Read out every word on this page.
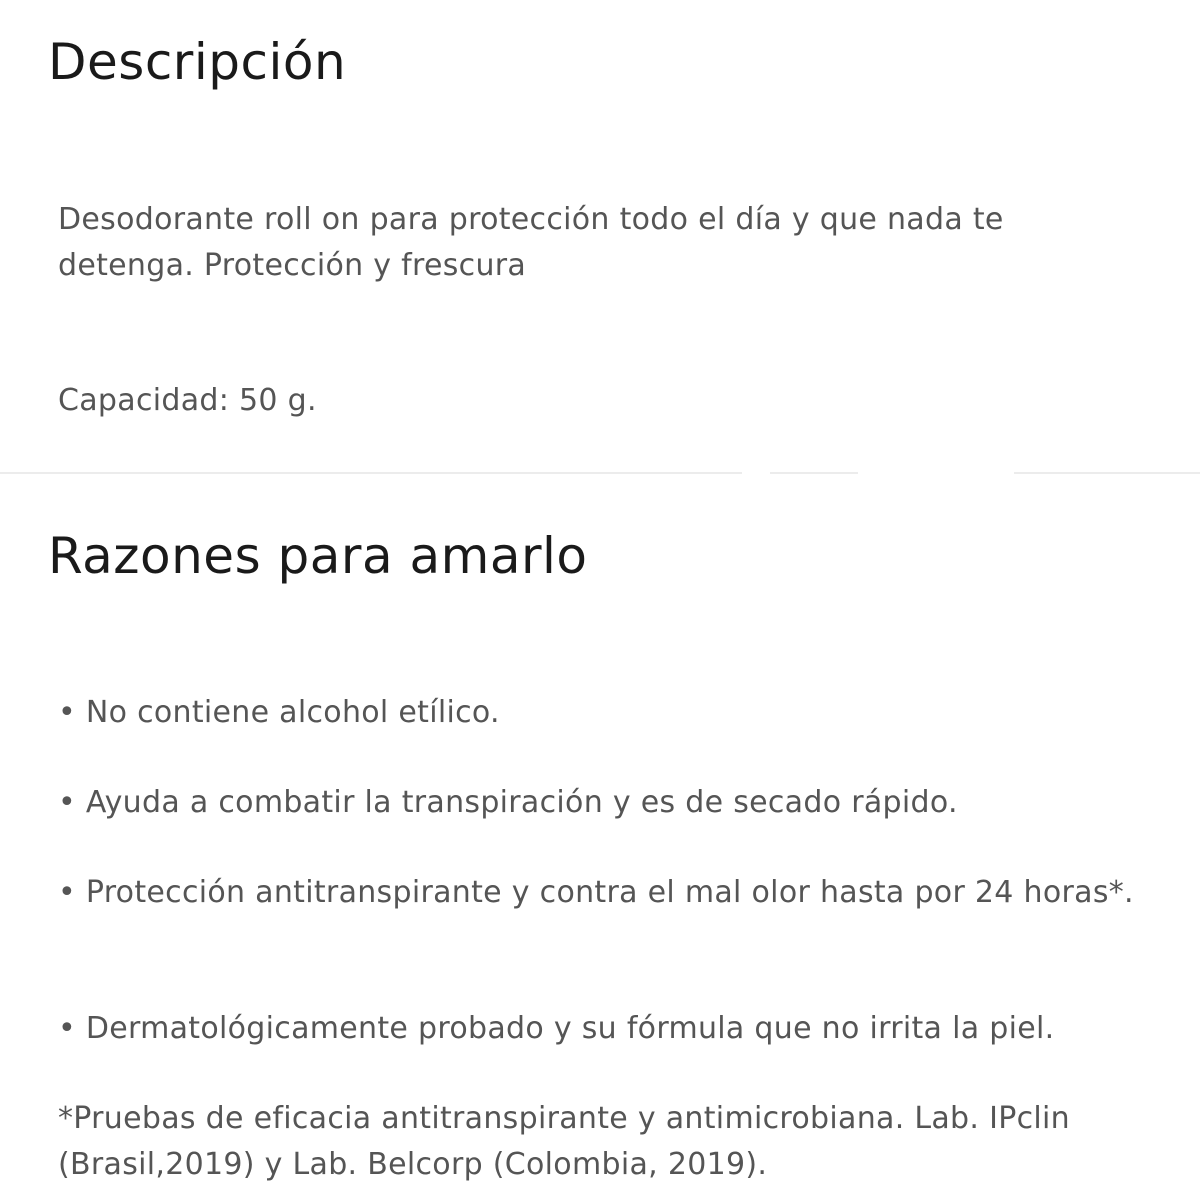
Descripción

Desodorante roll on para protección todo el día y que nada te detenga. Protección y frescura

Capacidad: 50 g.

Razones para amarlo

• No contiene alcohol etílico.

• Ayuda a combatir la transpiración y es de secado rápido.

• Protección antitranspirante y contra el mal olor hasta por 24 horas*.

• Dermatológicamente probado y su fórmula que no irrita la piel.

*Pruebas de eficacia antitranspirante y antimicrobiana. Lab. IPclin (Brasil,2019) y Lab. Belcorp (Colombia, 2019).
